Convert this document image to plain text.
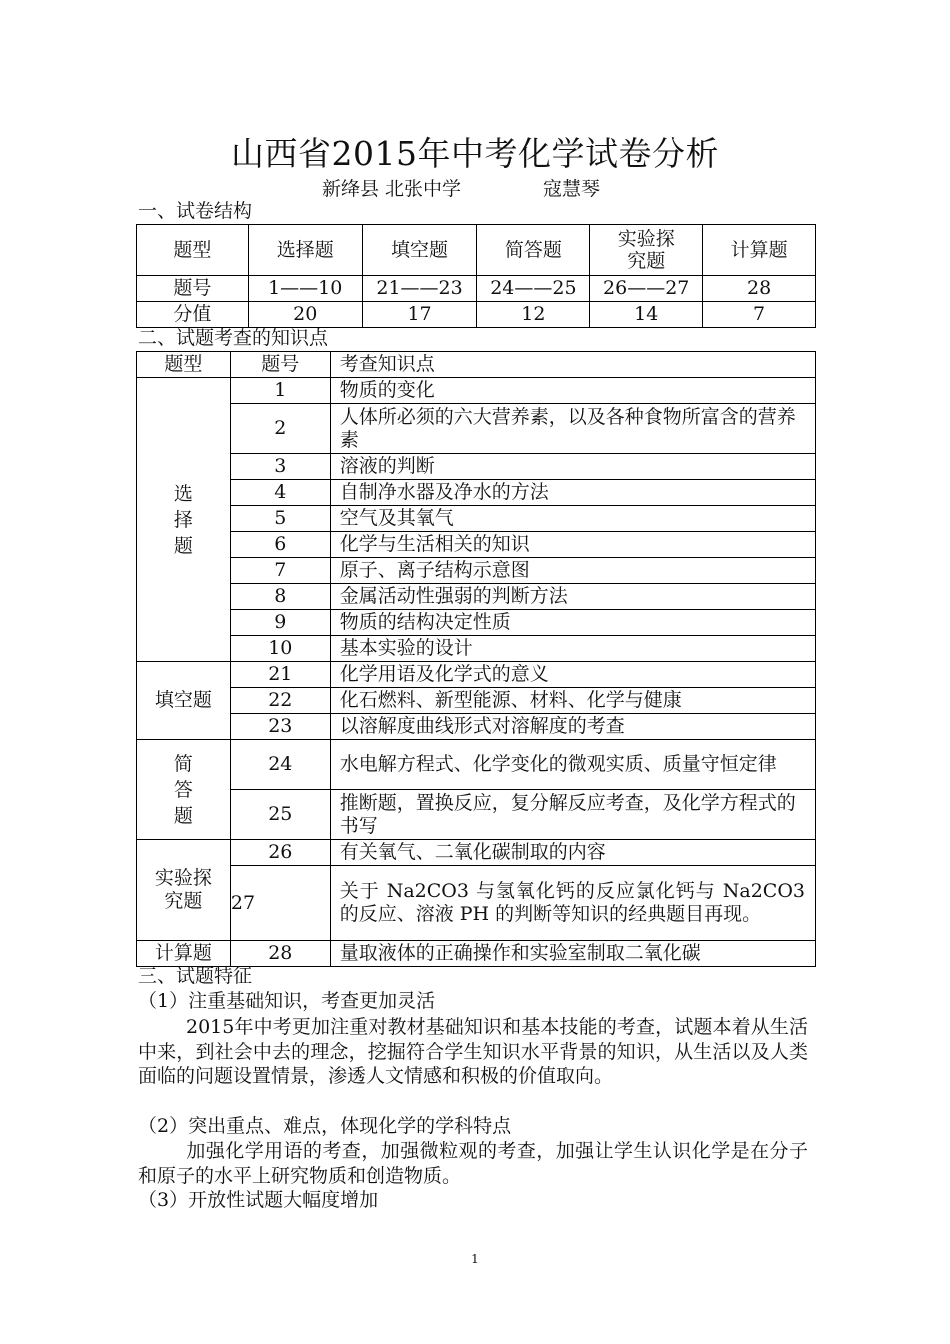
山西省2015年中考化学试卷分析
新绛县 北张中学	寇慧琴
一、试卷结构
题型	选择题	填空题	简答题	实验探究题	计算题
题号	1——10	21——23	24——25	26——27	28
分值	20	17	12	14	7
二、试题考查的知识点
题型	题号	考查知识点
选
择
题	1	物质的变化
	2	人体所必须的六大营养素，以及各种食物所富含的营养素
	3	溶液的判断
	4	自制净水器及净水的方法
	5	空气及其氧气
	6	化学与生活相关的知识
	7	原子、离子结构示意图
	8	金属活动性强弱的判断方法
	9	物质的结构决定性质
	10	基本实验的设计
填空题	21	化学用语及化学式的意义
	22	化石燃料、新型能源、材料、化学与健康
	23	以溶解度曲线形式对溶解度的考查
简
答
题	24	水电解方程式、化学变化的微观实质、质量守恒定律
	25	推断题，置换反应，复分解反应考查，及化学方程式的书写
实验探
究题	26	有关氧气、二氧化碳制取的内容
	27	关于 Na2CO3 与氢氧化钙的反应氯化钙与 Na2CO3 的反应、溶液 PH 的判断等知识的经典题目再现。
计算题	28	量取液体的正确操作和实验室制取二氧化碳
三、试题特征
（1）注重基础知识，考查更加灵活
2015年中考更加注重对教材基础知识和基本技能的考查，试题本着从生活中来，到社会中去的理念，挖掘符合学生知识水平背景的知识，从生活以及人类面临的问题设置情景，渗透人文情感和积极的价值取向。
（2）突出重点、难点，体现化学的学科特点
加强化学用语的考查，加强微粒观的考查，加强让学生认识化学是在分子和原子的水平上研究物质和创造物质。
（3）开放性试题大幅度增加
1
